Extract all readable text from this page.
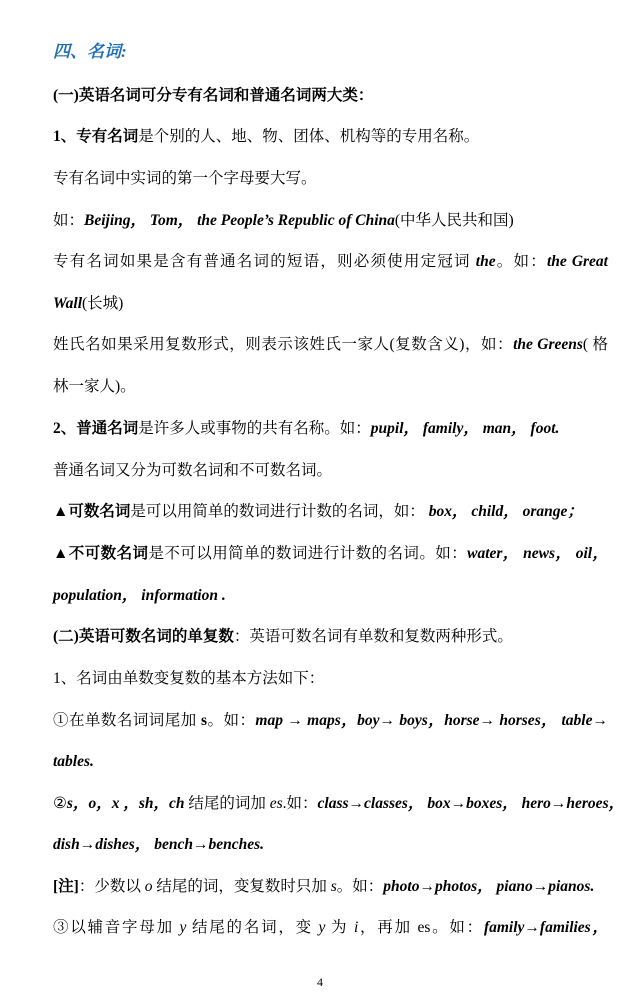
四、名词:
(一)英语名词可分专有名词和普通名词两大类：
1、专有名词是个别的人、地、物、团体、机构等的专用名称。
专有名词中实词的第一个字母要大写。
如：Beijing， Tom， the People’s Republic of China(中华人民共和国)
专有名词如果是含有普通名词的短语，则必须使用定冠词 the。如：the Great
Wall(长城)
姓氏名如果采用复数形式，则表示该姓氏一家人(复数含义)，如：the Greens( 格
林一家人)。
2、普通名词是许多人或事物的共有名称。如：pupil， family， man， foot.
普通名词又分为可数名词和不可数名词。
▲可数名词是可以用简单的数词进行计数的名词，如： box， child， orange；
▲不可数名词是不可以用简单的数词进行计数的名词。如：water， news， oil，
population， information .
(二)英语可数名词的单复数：英语可数名词有单数和复数两种形式。
1、名词由单数变复数的基本方法如下：
①在单数名词词尾加 s。如：map → maps，boy→ boys，horse→ horses， table→
tables.
②s，o，x ，sh，ch 结尾的词加 es.如：class→classes， box→boxes， hero→heroes，
dish→dishes， bench→benches.
[注]：少数以 o 结尾的词，变复数时只加 s。如：photo→photos， piano→pianos.
③以辅音字母加 y 结尾的名词，变 y 为 i，再加 es。如：family→families，
4
